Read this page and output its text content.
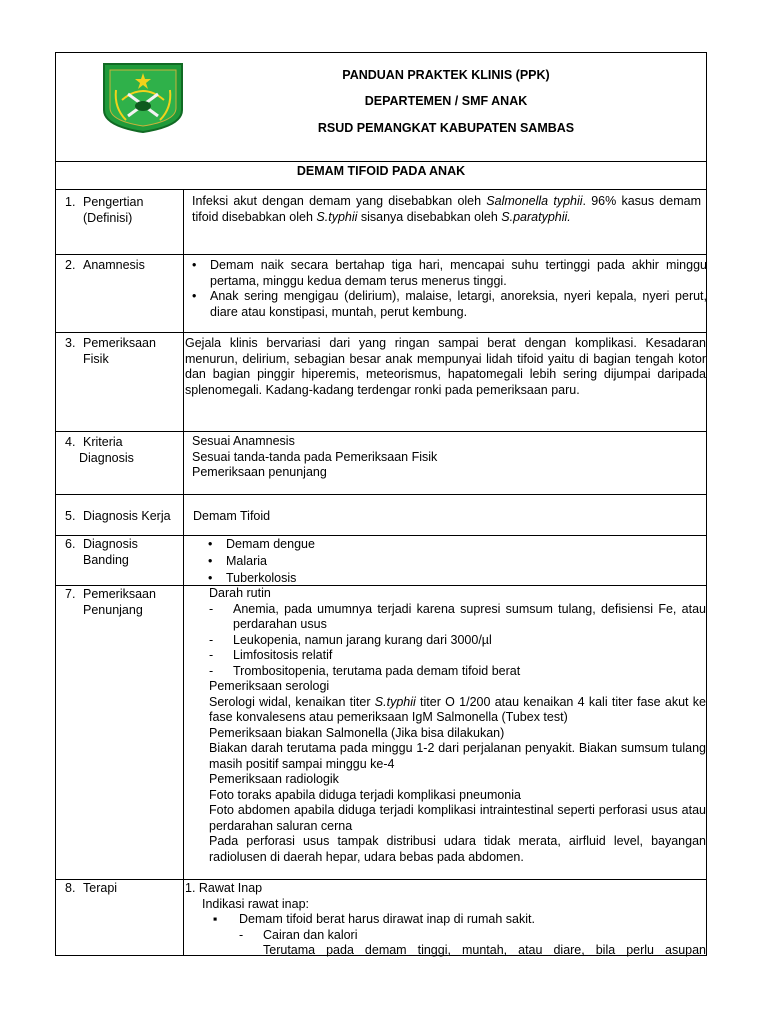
PANDUAN PRAKTEK KLINIS (PPK)
DEPARTEMEN / SMF ANAK
RSUD PEMANGKAT KABUPATEN SAMBAS
DEMAM TIFOID PADA ANAK
1. Pengertian
(Definisi)
Infeksi akut dengan demam yang disebabkan oleh Salmonella typhii. 96% kasus demam tifoid disebabkan oleh S.typhii sisanya disebabkan oleh S.paratyphii.
2. Anamnesis
•	Demam naik secara bertahap tiga hari, mencapai suhu tertinggi pada akhir minggu pertama, minggu kedua demam terus menerus tinggi.
• Anak sering mengigau (delirium), malaise, letargi, anoreksia, nyeri kepala, nyeri perut, diare atau konstipasi, muntah, perut kembung.
3. Pemeriksaan
Fisik
Gejala klinis bervariasi dari yang ringan sampai berat dengan komplikasi. Kesadaran menurun, delirium, sebagian besar anak mempunyai lidah tifoid yaitu di bagian tengah kotor dan bagian pinggir hiperemis, meteorismus, hapatomegali lebih sering dijumpai daripada splenomegali. Kadang-kadang terdengar ronki pada pemeriksaan paru.
4. Kriteria
Diagnosis
Sesuai Anamnesis
Sesuai tanda-tanda pada Pemeriksaan Fisik
Pemeriksaan penunjang
5. Diagnosis Kerja Demam Tifoid
6. Diagnosis
Banding
• Demam dengue
• Malaria
• Tuberkolosis
7. Pemeriksaan
Penunjang
Darah rutin
- Anemia, pada umumnya terjadi karena supresi sumsum tulang, defisiensi Fe, atau perdarahan usus
- Leukopenia, namun jarang kurang dari 3000/µl
- Limfositosis relatif
- Trombositopenia, terutama pada demam tifoid berat
Pemeriksaan serologi
Serologi widal, kenaikan titer S.typhii titer O 1/200 atau kenaikan 4 kali titer fase akut ke fase konvalesens atau pemeriksaan IgM Salmonella (Tubex test)
Pemeriksaan biakan Salmonella (Jika bisa dilakukan)
Biakan darah terutama pada minggu 1-2 dari perjalanan penyakit. Biakan sumsum tulang masih positif sampai minggu ke-4
Pemeriksaan radiologik
Foto toraks apabila diduga terjadi komplikasi pneumonia
Foto abdomen apabila diduga terjadi komplikasi intraintestinal seperti perforasi usus atau perdarahan saluran cerna
Pada perforasi usus tampak distribusi udara tidak merata, airfluid level, bayangan radiolusen di daerah hepar, udara bebas pada abdomen.
8. Terapi	1. Rawat Inap
Indikasi rawat inap:
▪ Demam tifoid berat harus dirawat inap di rumah sakit.
- Cairan dan kalori
Terutama pada demam tinggi, muntah, atau diare, bila perlu asupan
